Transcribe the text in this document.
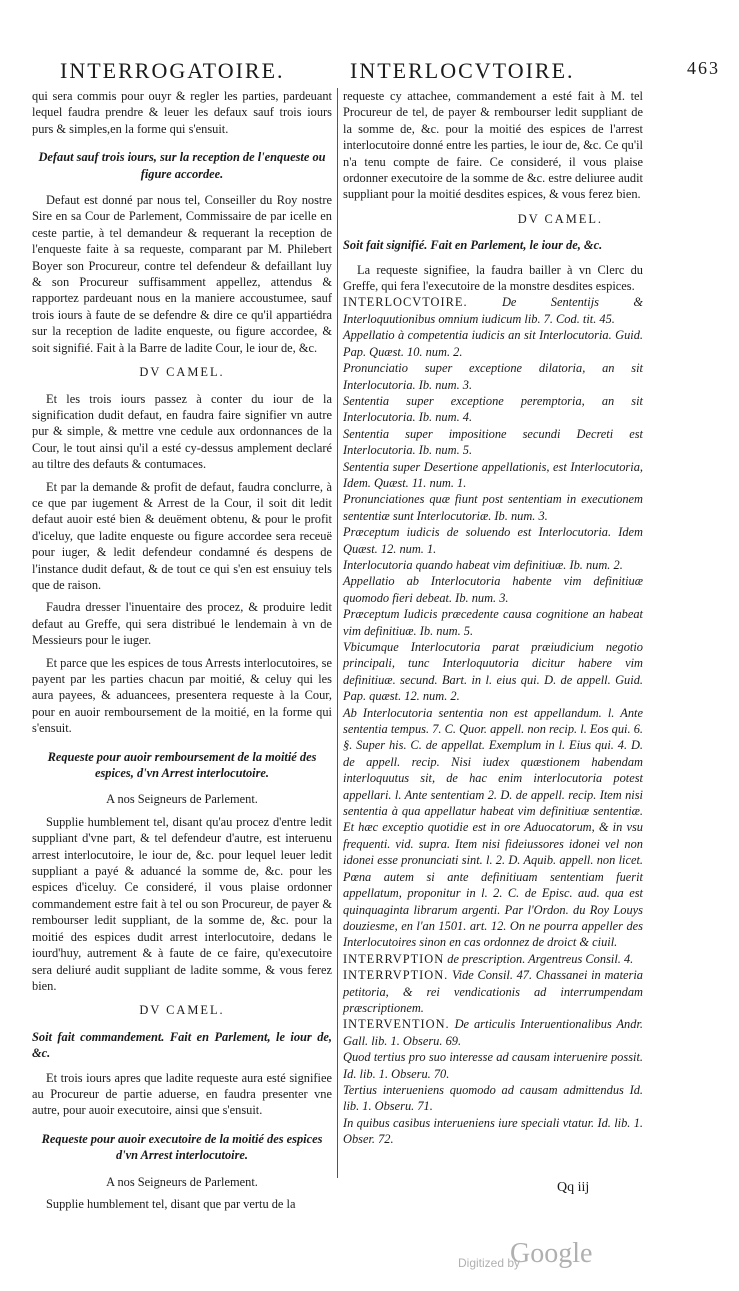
INTERROGATOIRE.	INTERLOCVTOIRE.	463

qui sera commis pour ouyr & regler les parties, pardeuant lequel faudra prendre & leuer les defaux sauf trois iours purs & simples,en la forme qui s'ensuit.

Defaut sauf trois iours, sur la reception de l'enqueste ou figure accordee.

Defaut est donné par nous tel, Conseiller du Roy nostre Sire en sa Cour de Parlement, Commissaire de par icelle en ceste partie, à tel demandeur & requerant la reception de l'enqueste faite à sa requeste, comparant par M. Philebert Boyer son Procureur, contre tel defendeur & defaillant luy & son Procureur suffisamment appellez, attendus & rapportez pardeuant nous en la maniere accoustumee, sauf trois iours à faute de se defendre & dire ce qu'il appartiédra sur la reception de ladite enqueste, ou figure accordee, & soit signifié. Fait à la Barre de ladite Cour, le iour de, &c.

DV CAMEL.

Et les trois iours passez à conter du iour de la signification dudit defaut, en faudra faire signifier vn autre pur & simple, & mettre vne cedule aux ordonnances de la Cour, le tout ainsi qu'il a esté cy-dessus amplement declaré au tiltre des defauts & contumaces.

Et par la demande & profit de defaut, faudra conclurre, à ce que par iugement & Arrest de la Cour, il soit dit ledit defaut auoir esté bien & deuëment obtenu, & pour le profit d'iceluy, que ladite enqueste ou figure accordee sera receuë pour iuger, & ledit defendeur condamné és despens de l'instance dudit defaut, & de tout ce qui s'en est ensuiuy tels que de raison.

Faudra dresser l'inuentaire des procez, & produire ledit defaut au Greffe, qui sera distribué le lendemain à vn de Messieurs pour le iuger.

Et parce que les espices de tous Arrests interlocutoires, se payent par les parties chacun par moitié, & celuy qui les aura payees, & aduancees, presentera requeste à la Cour, pour en auoir remboursement de la moitié, en la forme qui s'ensuit.

Requeste pour auoir remboursement de la moitié des espices, d'vn Arrest interlocutoire.

A nos Seigneurs de Parlement.

Supplie humblement tel, disant qu'au procez d'entre ledit suppliant d'vne part, & tel defendeur d'autre, est interuenu arrest interlocutoire, le iour de, &c. pour lequel leuer ledit suppliant a payé & aduancé la somme de, &c. pour les espices d'iceluy. Ce consideré, il vous plaise ordonner commandement estre fait à tel ou son Procureur, de payer & rembourser ledit suppliant, de la somme de, &c. pour la moitié des espices dudit arrest interlocutoire, dedans le iourd'huy, autrement & à faute de ce faire, qu'executoire sera deliuré audit suppliant de ladite somme, & vous ferez bien.

DV CAMEL.

Soit fait commandement. Fait en Parlement, le iour de, &c.

Et trois iours apres que ladite requeste aura esté signifiee au Procureur de partie aduerse, en faudra presenter vne autre, pour auoir executoire, ainsi que s'ensuit.

Requeste pour auoir executoire de la moitié des espices d'vn Arrest interlocutoire.

A nos Seigneurs de Parlement.

Supplie humblement tel, disant que par vertu de la

requeste cy attachee, commandement a esté fait à M. tel Procureur de tel, de payer & rembourser ledit suppliant de la somme de, &c. pour la moitié des espices de l'arrest interlocutoire donné entre les parties, le iour de, &c. Ce qu'il n'a tenu compte de faire. Ce consideré, il vous plaise ordonner executoire de la somme de &c. estre deliuree audit suppliant pour la moitié desdites espices, & vous ferez bien.

DV CAMEL.

Soit fait signifié. Fait en Parlement, le iour de, &c.

La requeste signifiee, la faudra bailler à vn Clerc du Greffe, qui fera l'executoire de la monstre desdites espices.

INTERLOCVTOIRE.	De Sententijs & Interloquutionibus omnium iudicum lib. 7. Cod. tit. 45.

Appellatio à competentia iudicis an sit Interlocutoria. Guid. Pap. Quæst. 10. num. 2.

Pronunciatio super exceptione dilatoria, an sit Interlocutoria. Ib. num. 3.

Sententia super exceptione peremptoria, an sit Interlocutoria. Ib. num. 4.

Sententia super impositione secundi Decreti est Interlocutoria. Ib. num. 5.

Sententia super Desertione appellationis, est Interlocutoria, Idem. Quæst. 11. num. 1.

Pronunciationes quæ fiunt post sententiam in executionem sententiæ sunt Interlocutoriæ. Ib. num. 3.

Præceptum iudicis de soluendo est Interlocutoria. Idem Quæst. 12. num. 1.

Interlocutoria quando habeat vim definitiuæ. Ib. num. 2.

Appellatio ab Interlocutoria habente vim definitiuæ quomodo fieri debeat. Ib. num. 3.

Præceptum Iudicis præcedente causa cognitione an habeat vim definitiuæ. Ib. num. 5.

Vbicumque Interlocutoria parat præiudicium negotio principali, tunc Interloquutoria dicitur habere vim definitiuæ. secund. Bart. in l. eius qui. D. de appell. Guid. Pap. quæst. 12. num. 2.

Ab Interlocutoria sententia non est appellandum. l. Ante sententia tempus. 7. C. Quor. appell. non recip. l. Eos qui. 6. §. Super his. C. de appellat. Exemplum in l. Eius qui. 4. D. de appell. recip. Nisi iudex quæstionem habendam interloquutus sit, de hac enim interlocutoria potest appellari. l. Ante sententiam 2. D. de appell. recip. Item nisi sententia à qua appellatur habeat vim definitiuæ sententiæ. Et hæc exceptio quotidie est in ore Aduocatorum, & in vsu frequenti. vid. supra. Item nisi fideiussores idonei vel non idonei esse pronunciati sint. l. 2. D. Aquib. appell. non licet. Pœna autem si ante definitiuam sententiam fuerit appellatum, proponitur in l. 2. C. de Episc. aud. qua est quinquaginta librarum argenti. Par l'Ordon. du Roy Louys douziesme, en l'an 1501. art. 12. On ne pourra appeller des Interlocutoires sinon en cas ordonnez de droict & ciuil.

INTERRVPTION de prescription. Argentreus Consil. 4.

INTERRVPTION. Vide Consil. 47. Chassanei in materia petitoria, & rei vendicationis ad interrumpendam præscriptionem.

INTERVENTION. De articulis Interuentionalibus Andr. Gall. lib. 1. Obseru. 69.

Quod tertius pro suo interesse ad causam interuenire possit. Id. lib. 1. Obseru. 70.

Tertius interueniens quomodo ad causam admittendus Id. lib. 1. Obseru. 71.

In quibus casibus interueniens iure speciali vtatur. Id. lib. 1. Obser. 72.

Qq iij
Digitized by
Google
